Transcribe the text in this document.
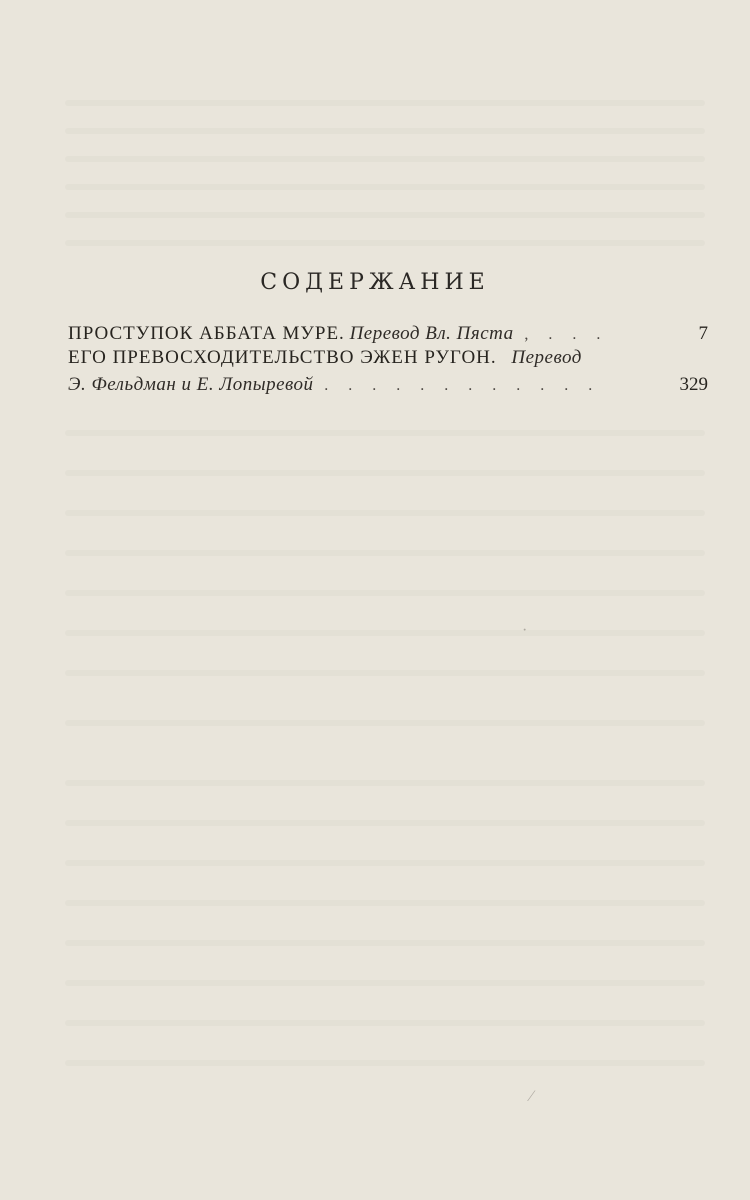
СОДЕРЖАНИЕ
ПРОСТУПОК АББАТА МУРЕ. Перевод Вл. Пяста , . . .	7
ЕГО ПРЕВОСХОДИТЕЛЬСТВО ЭЖЕН РУГОН. Перевод
Э. Фельдман и Е. Лопыревой . . . . . . . . . . . .	329
·
⁄
